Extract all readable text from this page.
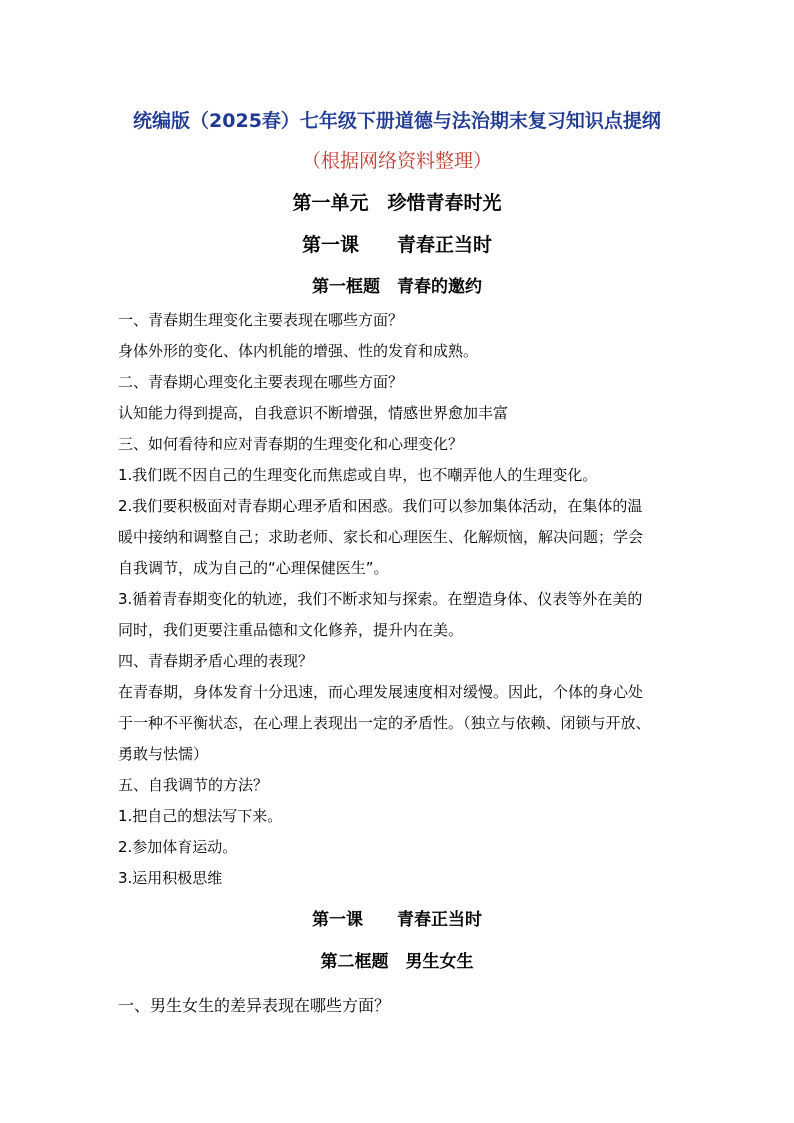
统编版（2025春）七年级下册道德与法治期末复习知识点提纲
（根据网络资料整理）
第一单元　珍惜青春时光
第一课　　青春正当时
第一框题　青春的邀约

一、青春期生理变化主要表现在哪些方面？

身体外形的变化、体内机能的增强、性的发育和成熟。

二、青春期心理变化主要表现在哪些方面？

认知能力得到提高，自我意识不断增强，情感世界愈加丰富

三、如何看待和应对青春期的生理变化和心理变化？

1.我们既不因自己的生理变化而焦虑或自卑，也不嘲弄他人的生理变化。

2.我们要积极面对青春期心理矛盾和困惑。我们可以参加集体活动，在集体的温

暖中接纳和调整自己；求助老师、家长和心理医生、化解烦恼，解决问题；学会

自我调节，成为自己的“心理保健医生”。

3.循着青春期变化的轨迹，我们不断求知与探索。在塑造身体、仪表等外在美的

同时，我们更要注重品德和文化修养，提升内在美。

四、青春期矛盾心理的表现？

在青春期，身体发育十分迅速，而心理发展速度相对缓慢。因此，个体的身心处

于一种不平衡状态，在心理上表现出一定的矛盾性。（独立与依赖、闭锁与开放、

勇敢与怯懦）

五、自我调节的方法？

1.把自己的想法写下来。

2.参加体育运动。

3.运用积极思维

第一课　　青春正当时
第二框题　男生女生
一、男生女生的差异表现在哪些方面？
